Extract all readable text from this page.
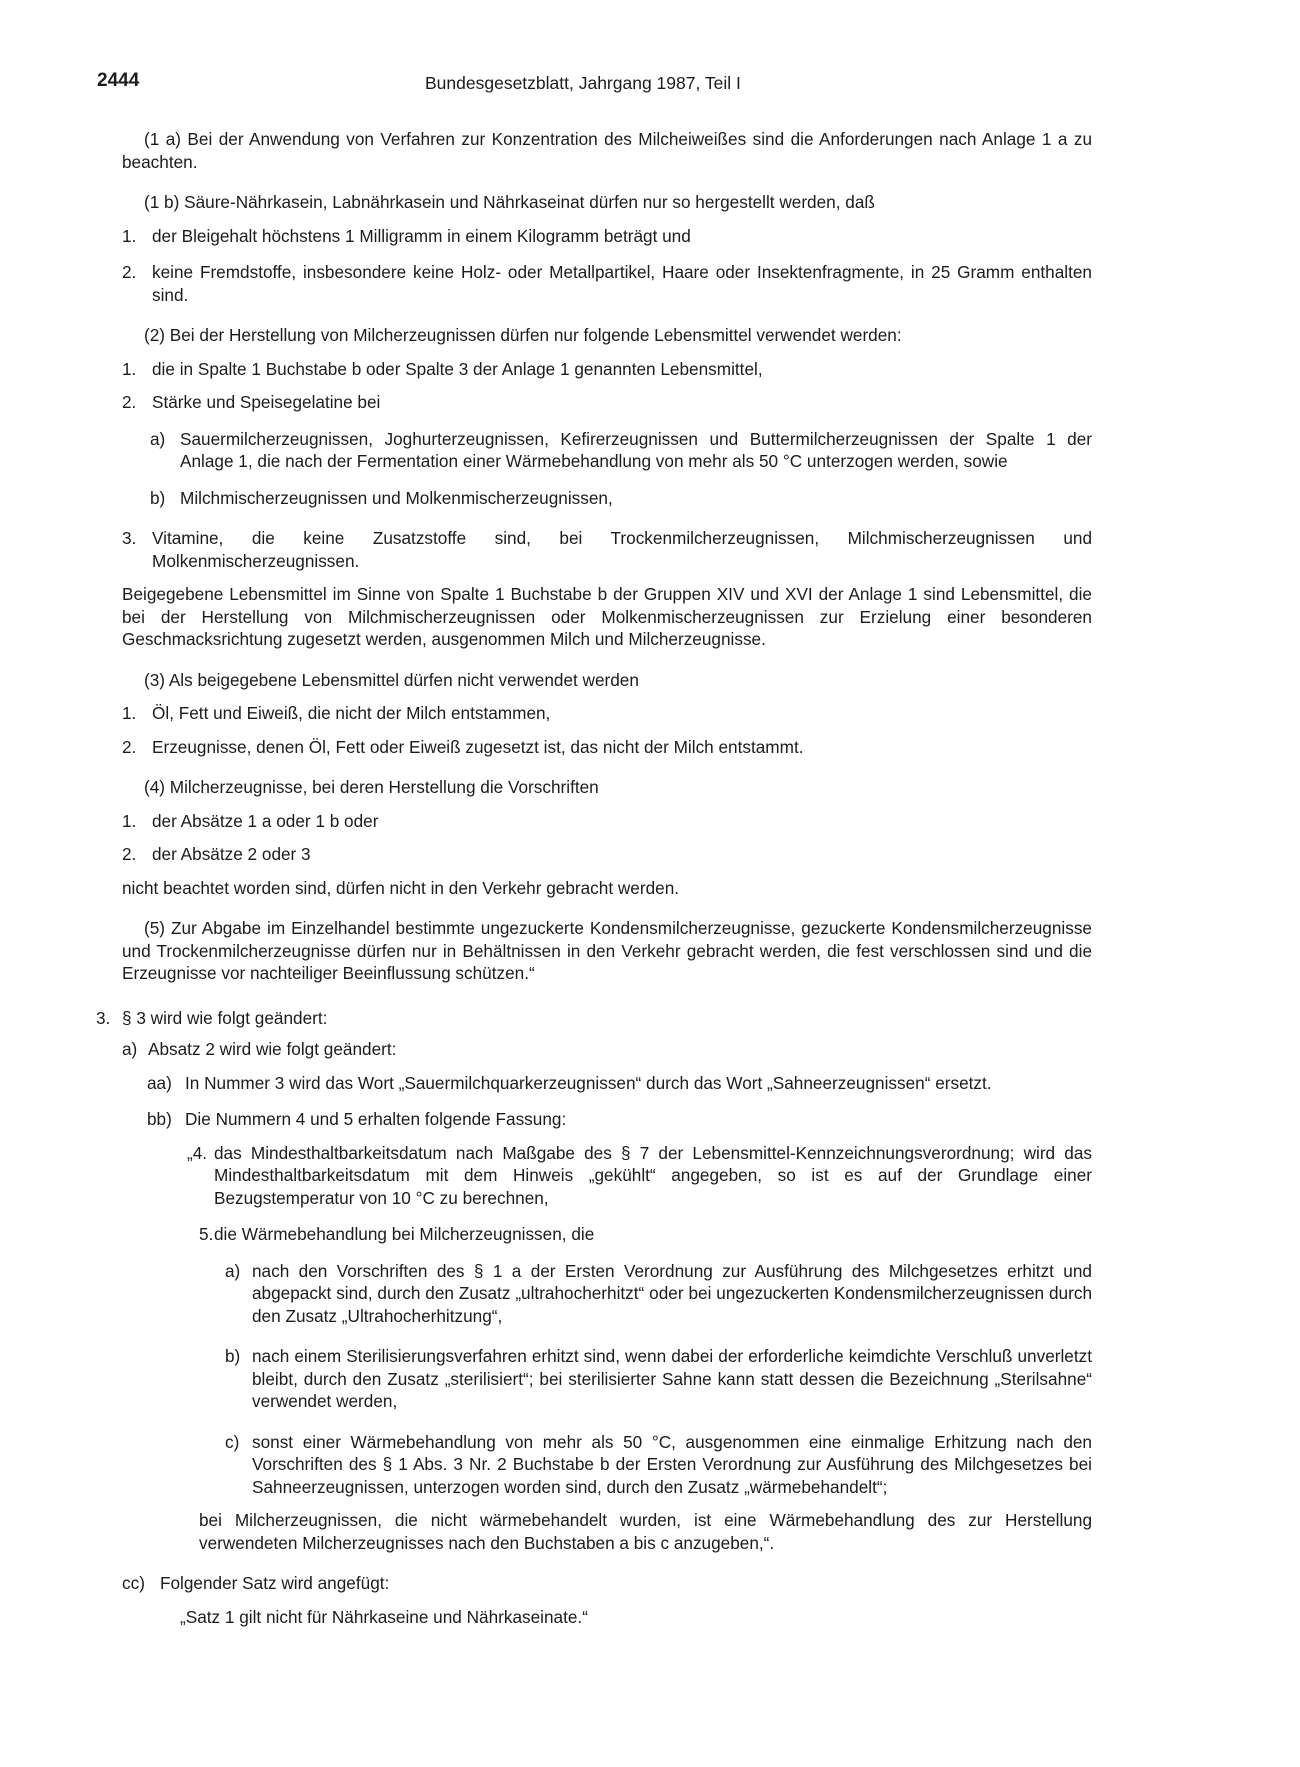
2444	Bundesgesetzblatt, Jahrgang 1987, Teil I

(1 a) Bei der Anwendung von Verfahren zur Konzentration des Milcheiweißes sind die Anforderungen nach Anlage 1 a zu beachten.

(1 b) Säure-Nährkasein, Labnährkasein und Nährkaseinat dürfen nur so hergestellt werden, daß

1. der Bleigehalt höchstens 1 Milligramm in einem Kilogramm beträgt und
2. keine Fremdstoffe, insbesondere keine Holz- oder Metallpartikel, Haare oder Insektenfragmente, in 25 Gramm enthalten sind.

(2) Bei der Herstellung von Milcherzeugnissen dürfen nur folgende Lebensmittel verwendet werden:

1. die in Spalte 1 Buchstabe b oder Spalte 3 der Anlage 1 genannten Lebensmittel,
2. Stärke und Speisegelatine bei
a) Sauermilcherzeugnissen, Joghurterzeugnissen, Kefirerzeugnissen und Buttermilcherzeugnissen der Spalte 1 der Anlage 1, die nach der Fermentation einer Wärmebehandlung von mehr als 50 °C unterzogen werden, sowie
b) Milchmischerzeugnissen und Molkenmischerzeugnissen,
3. Vitamine, die keine Zusatzstoffe sind, bei Trockenmilcherzeugnissen, Milchmischerzeugnissen und Molkenmischerzeugnissen.

Beigegebene Lebensmittel im Sinne von Spalte 1 Buchstabe b der Gruppen XIV und XVI der Anlage 1 sind Lebensmittel, die bei der Herstellung von Milchmischerzeugnissen oder Molkenmischerzeugnissen zur Erzielung einer besonderen Geschmacksrichtung zugesetzt werden, ausgenommen Milch und Milcherzeugnisse.

(3) Als beigegebene Lebensmittel dürfen nicht verwendet werden

1. Öl, Fett und Eiweiß, die nicht der Milch entstammen,
2. Erzeugnisse, denen Öl, Fett oder Eiweiß zugesetzt ist, das nicht der Milch entstammt.

(4) Milcherzeugnisse, bei deren Herstellung die Vorschriften

1. der Absätze 1 a oder 1 b oder
2. der Absätze 2 oder 3

nicht beachtet worden sind, dürfen nicht in den Verkehr gebracht werden.

(5) Zur Abgabe im Einzelhandel bestimmte ungezuckerte Kondensmilcherzeugnisse, gezuckerte Kondensmilcherzeugnisse und Trockenmilcherzeugnisse dürfen nur in Behältnissen in den Verkehr gebracht werden, die fest verschlossen sind und die Erzeugnisse vor nachteiliger Beeinflussung schützen.“

3. § 3 wird wie folgt geändert:
a) Absatz 2 wird wie folgt geändert:
aa) In Nummer 3 wird das Wort „Sauermilchquarkerzeugnissen“ durch das Wort „Sahneerzeugnissen“ ersetzt.
bb) Die Nummern 4 und 5 erhalten folgende Fassung:
„4. das Mindesthaltbarkeitsdatum nach Maßgabe des § 7 der Lebensmittel-Kennzeichnungsverordnung; wird das Mindesthaltbarkeitsdatum mit dem Hinweis „gekühlt“ angegeben, so ist es auf der Grundlage einer Bezugstemperatur von 10 °C zu berechnen,
5. die Wärmebehandlung bei Milcherzeugnissen, die
a) nach den Vorschriften des § 1 a der Ersten Verordnung zur Ausführung des Milchgesetzes erhitzt und abgepackt sind, durch den Zusatz „ultrahocherhitzt“ oder bei ungezuckerten Kondensmilcherzeugnissen durch den Zusatz „Ultrahocherhitzung“,
b) nach einem Sterilisierungsverfahren erhitzt sind, wenn dabei der erforderliche keimdichte Verschluß unverletzt bleibt, durch den Zusatz „sterilisiert“; bei sterilisierter Sahne kann statt dessen die Bezeichnung „Sterilsahne“ verwendet werden,
c) sonst einer Wärmebehandlung von mehr als 50 °C, ausgenommen eine einmalige Erhitzung nach den Vorschriften des § 1 Abs. 3 Nr. 2 Buchstabe b der Ersten Verordnung zur Ausführung des Milchgesetzes bei Sahneerzeugnissen, unterzogen worden sind, durch den Zusatz „wärmebehandelt“;

bei Milcherzeugnissen, die nicht wärmebehandelt wurden, ist eine Wärmebehandlung des zur Herstellung verwendeten Milcherzeugnisses nach den Buchstaben a bis c anzugeben,“.

cc) Folgender Satz wird angefügt:

„Satz 1 gilt nicht für Nährkaseine und Nährkaseinate.“
